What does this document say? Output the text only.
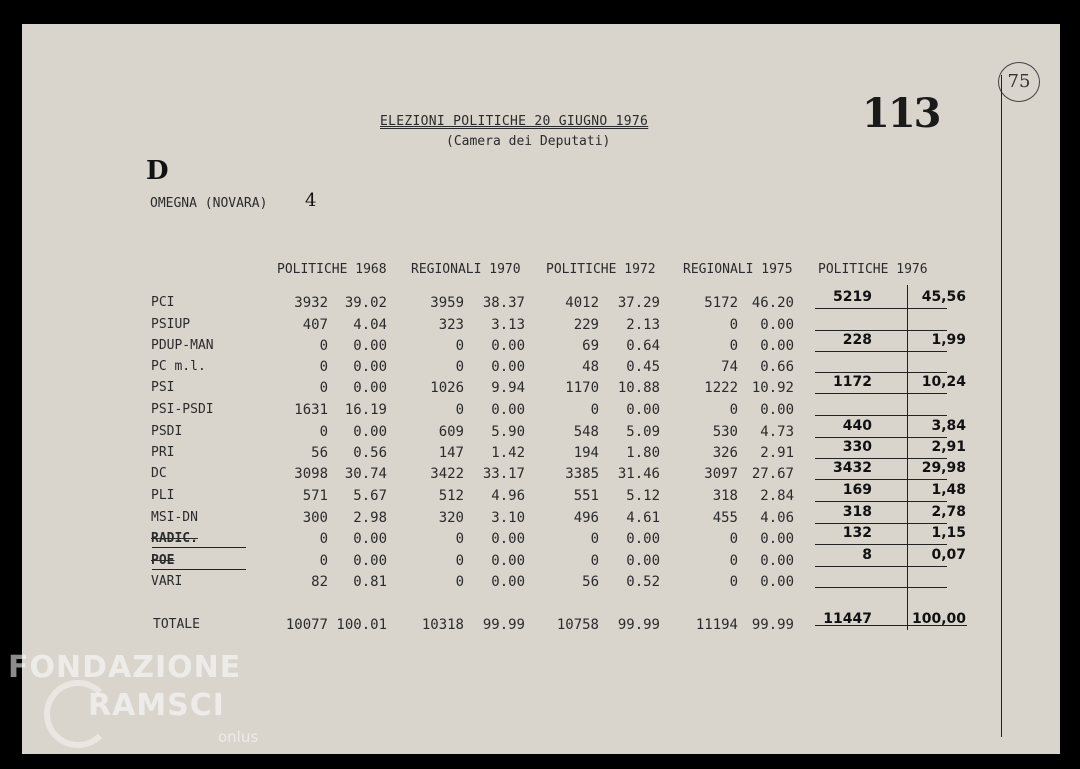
ELEZIONI POLITICHE 20 GIUGNO 1976
(Camera dei Deputati)
113
75
D
OMEGNA (NOVARA) 4
POLITICHE 1968 REGIONALI 1970 POLITICHE 1972 REGIONALI 1975 POLITICHE 1976
PCI	3932	39.02	3959	38.37	4012	37.29	5172 46.20	5219	45,56
PSIUP	407	4.04	323	3.13	229	2.13	0	0.00
PDUP-MAN	0	0.00	0	0.00	69	0.64	0	0.00	228	1,99
PC m.l.	0	0.00	0	0.00	48	0.45	74	0.66
PSI	0	0.00	1026	9.94	1170	10.88	1222 10.92	1172	10,24
PSI-PSDI	1631	16.19	0	0.00	0	0.00	0	0.00
PSDI	0	0.00	609	5.90	548	5.09	530	4.73	440	3,84
PRI	56	0.56	147	1.42	194	1.80	326	2.91	330	2,91
DC	3098	30.74	3422	33.17	3385	31.46	3097 27.67	3432	29,98
PLI	571	5.67	512	4.96	551	5.12	318	2.84	169	1,48
MSI-DN	300	2.98	320	3.10	496	4.61	455	4.06	318	2,78
RADIC.	0	0.00	0	0.00	0	0.00	0	0.00	132	1,15
POE	0	0.00	0	0.00	0	0.00	0	0.00	8	0,07
VARI	82	0.81	0	0.00	56	0.52	0	0.00
TOTALE	10077 100.01	10318	99.99	10758	99.99	11194 99.99	11447	100,00
FONDAZIONE
RAMSCI
onlus
